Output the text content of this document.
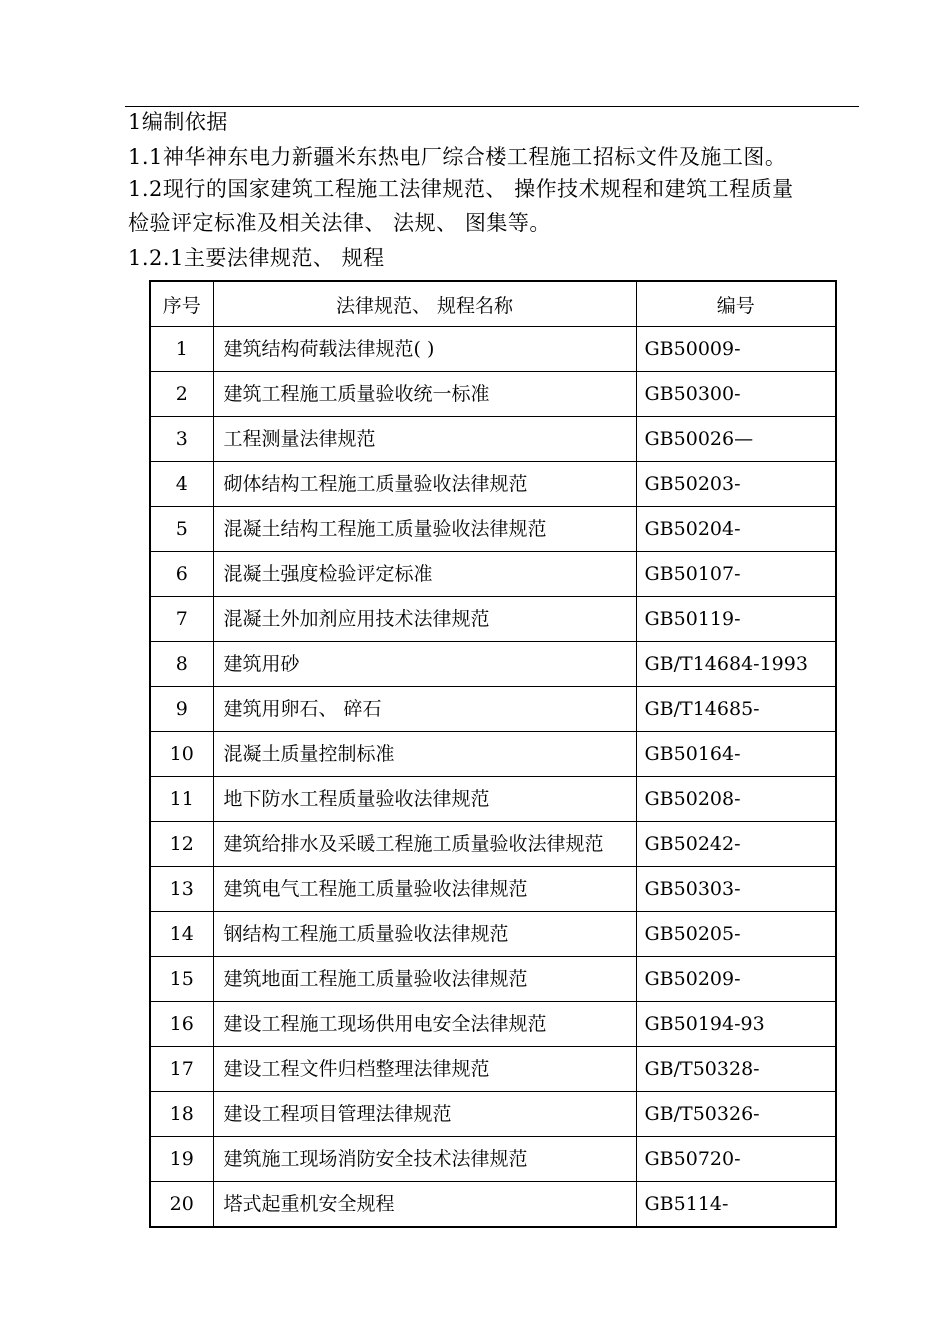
1编制依据
1.1神华神东电力新疆米东热电厂综合楼工程施工招标文件及施工图。
1.2现行的国家建筑工程施工法律规范、 操作技术规程和建筑工程质量
检验评定标准及相关法律、 法规、 图集等。
1.2.1主要法律规范、 规程
序号	法律规范、 规程名称	编号
1	建筑结构荷载法律规范( )	GB50009-
2	建筑工程施工质量验收统一标准	GB50300-
3	工程测量法律规范	GB50026—
4	砌体结构工程施工质量验收法律规范	GB50203-
5	混凝土结构工程施工质量验收法律规范	GB50204-
6	混凝土强度检验评定标准	GB50107-
7	混凝土外加剂应用技术法律规范	GB50119-
8	建筑用砂	GB/T14684-1993
9	建筑用卵石、 碎石	GB/T14685-
10	混凝土质量控制标准	GB50164-
11	地下防水工程质量验收法律规范	GB50208-
12	建筑给排水及采暖工程施工质量验收法律规范	GB50242-
13	建筑电气工程施工质量验收法律规范	GB50303-
14	钢结构工程施工质量验收法律规范	GB50205-
15	建筑地面工程施工质量验收法律规范	GB50209-
16	建设工程施工现场供用电安全法律规范	GB50194-93
17	建设工程文件归档整理法律规范	GB/T50328-
18	建设工程项目管理法律规范	GB/T50326-
19	建筑施工现场消防安全技术法律规范	GB50720-
20	塔式起重机安全规程	GB5114-
